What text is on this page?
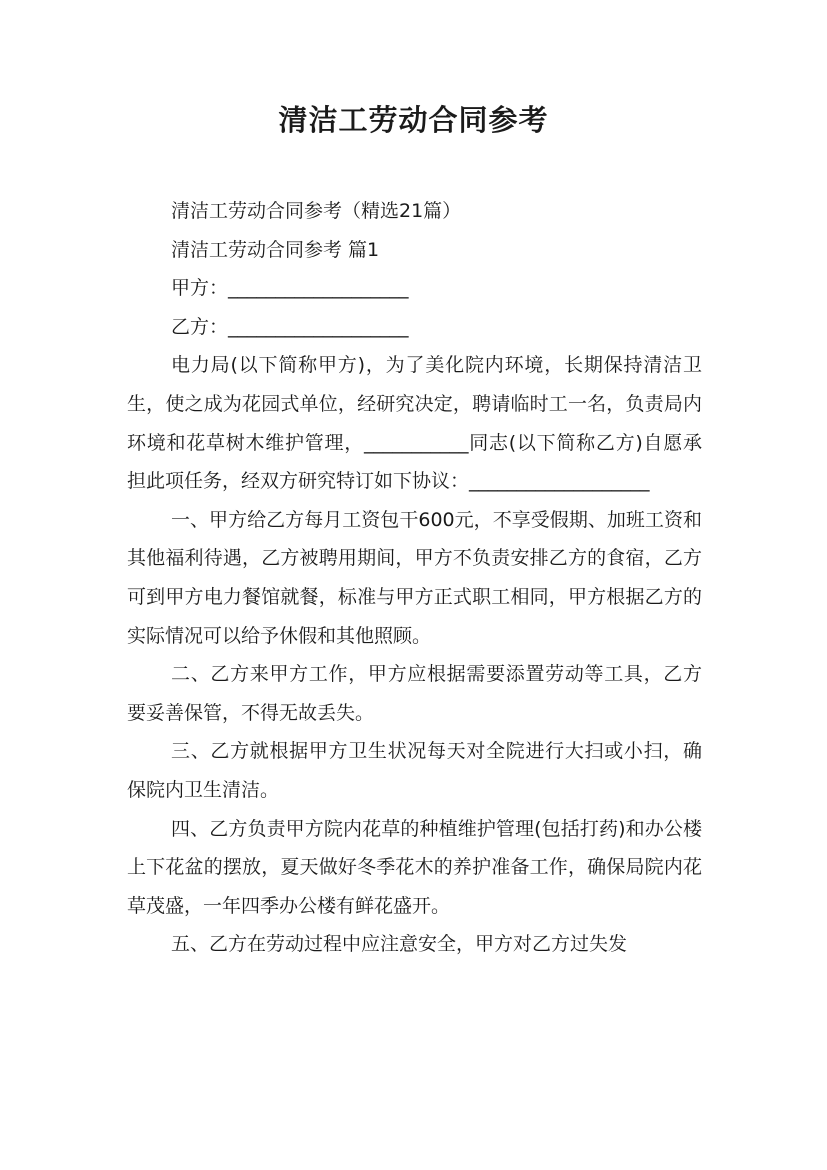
清洁工劳动合同参考

清洁工劳动合同参考（精选21篇）

清洁工劳动合同参考 篇1

甲方：___________________

乙方：___________________

电力局(以下简称甲方)，为了美化院内环境，长期保持清洁卫生，使之成为花园式单位，经研究决定，聘请临时工一名，负责局内环境和花草树木维护管理，___________同志(以下简称乙方)自愿承担此项任务，经双方研究特订如下协议：___________________

一、甲方给乙方每月工资包干600元，不享受假期、加班工资和其他福利待遇，乙方被聘用期间，甲方不负责安排乙方的食宿，乙方可到甲方电力餐馆就餐，标准与甲方正式职工相同，甲方根据乙方的实际情况可以给予休假和其他照顾。

二、乙方来甲方工作，甲方应根据需要添置劳动等工具，乙方要妥善保管，不得无故丢失。

三、乙方就根据甲方卫生状况每天对全院进行大扫或小扫，确保院内卫生清洁。

四、乙方负责甲方院内花草的种植维护管理(包括打药)和办公楼上下花盆的摆放，夏天做好冬季花木的养护准备工作，确保局院内花草茂盛，一年四季办公楼有鲜花盛开。

五、乙方在劳动过程中应注意安全，甲方对乙方过失发
